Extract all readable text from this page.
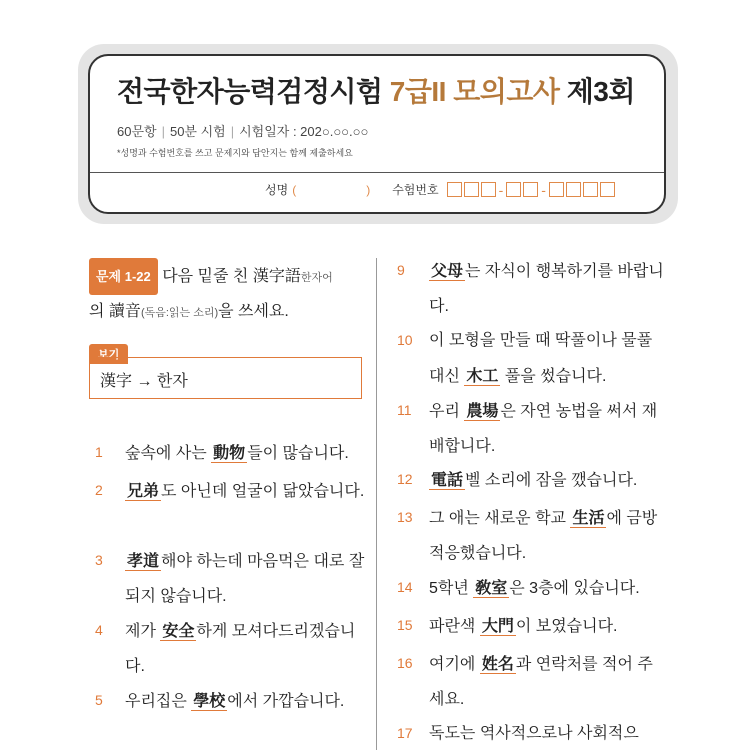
전국한자능력검정시험 7급II 모의고사 제3회
60문항 | 50분 시험 | 시험일자 : 202○.○○.○○
*성명과 수험번호를 쓰고 문제지와 답안지는 함께 제출하세요
성명 (	) 수험번호	-	-
문제 1-22 다음 밑줄 친 漢字語한자어
의 讀音(독음:읽는 소리)을 쓰세요.
보기
漢字 → 한자
1 숲속에 사는 動物 들이 많습니다.
2 兄弟 도 아닌데 얼굴이 닮았습니다.
3 孝道 해야 하는데 마음먹은 대로 잘되지 않습니다.
4 제가 安全 하게 모셔다드리겠습니다.
5 우리집은 學校 에서 가깝습니다.
9 父母 는 자식이 행복하기를 바랍니다.
10 이 모형을 만들 때 딱풀이나 물풀 대신 木工 풀을 썼습니다.
11 우리 農場 은 자연 농법을 써서 재배합니다.
12 電話 벨 소리에 잠을 깼습니다.
13 그 애는 새로운 학교 生活 에 금방 적응했습니다.
14 5학년 敎室 은 3층에 있습니다.
15 파란색 大門 이 보였습니다.
16 여기에 姓名 과 연락처를 적어 주세요.
17 독도는 역사적으로나 사회적으
